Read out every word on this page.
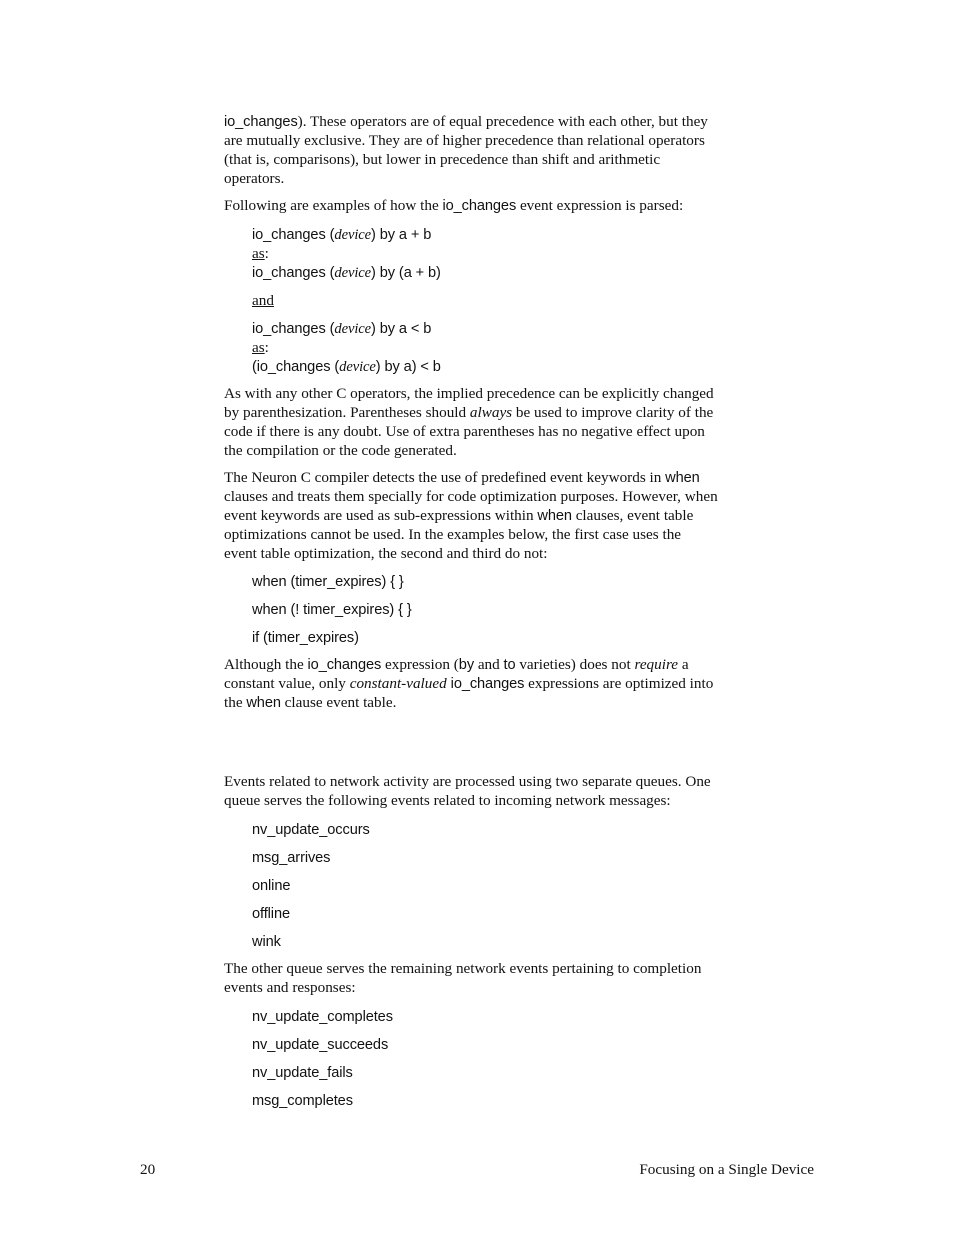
io_changes). These operators are of equal precedence with each other, but they
are mutually exclusive. They are of higher precedence than relational operators
(that is, comparisons), but lower in precedence than shift and arithmetic
operators.
Following are examples of how the io_changes event expression is parsed:
io_changes (device) by a + b
as:
io_changes (device) by (a + b)
and
io_changes (device) by a < b
as:
(io_changes (device) by a) < b
As with any other C operators, the implied precedence can be explicitly changed
by parenthesization. Parentheses should always be used to improve clarity of the
code if there is any doubt. Use of extra parentheses has no negative effect upon
the compilation or the code generated.
The Neuron C compiler detects the use of predefined event keywords in when
clauses and treats them specially for code optimization purposes. However, when
event keywords are used as sub-expressions within when clauses, event table
optimizations cannot be used. In the examples below, the first case uses the
event table optimization, the second and third do not:
when (timer_expires) { }
when (! timer_expires) { }
if (timer_expires)
Although the io_changes expression (by and to varieties) does not require a
constant value, only constant-valued io_changes expressions are optimized into
the when clause event table.
Events related to network activity are processed using two separate queues. One
queue serves the following events related to incoming network messages:
nv_update_occurs
msg_arrives
online
offline
wink
The other queue serves the remaining network events pertaining to completion
events and responses:
nv_update_completes
nv_update_succeeds
nv_update_fails
msg_completes
20	Focusing on a Single Device
